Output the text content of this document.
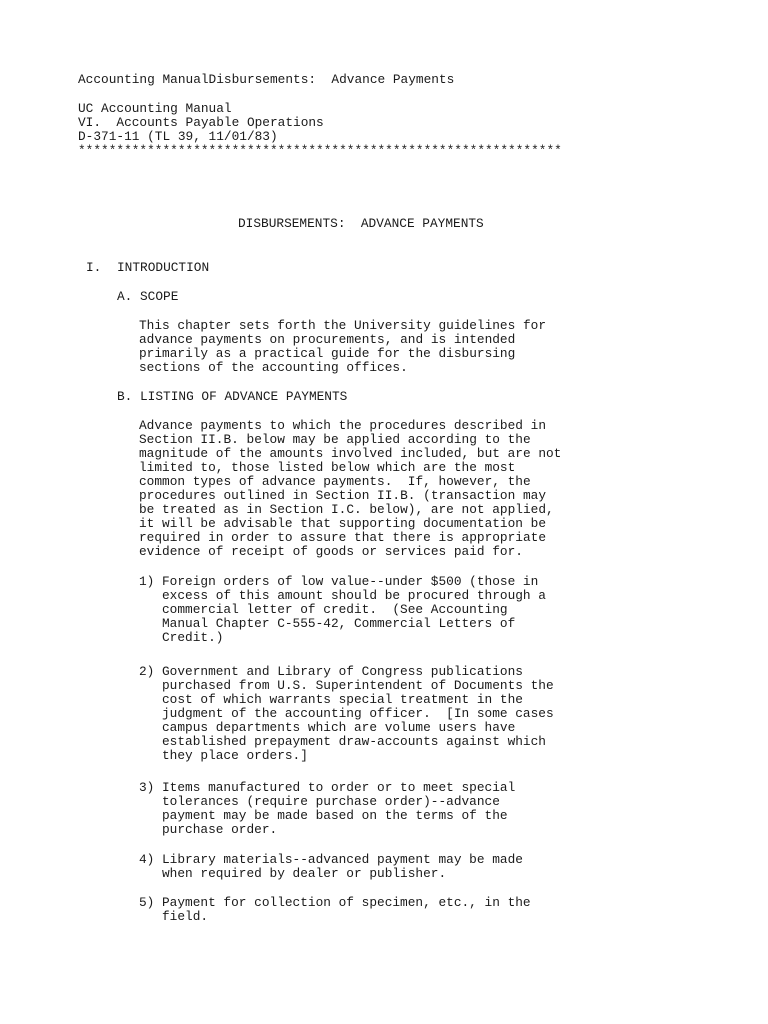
Accounting ManualDisbursements:  Advance Payments
UC Accounting Manual
VI.  Accounts Payable Operations
D-371-11 (TL 39, 11/01/83)
***************************************************************
DISBURSEMENTS:  ADVANCE PAYMENTS
I. INTRODUCTION
A. SCOPE
This chapter sets forth the University guidelines for
advance payments on procurements, and is intended
primarily as a practical guide for the disbursing
sections of the accounting offices.
B. LISTING OF ADVANCE PAYMENTS
Advance payments to which the procedures described in
Section II.B. below may be applied according to the
magnitude of the amounts involved included, but are not
limited to, those listed below which are the most
common types of advance payments.  If, however, the
procedures outlined in Section II.B. (transaction may
be treated as in Section I.C. below), are not applied,
it will be advisable that supporting documentation be
required in order to assure that there is appropriate
evidence of receipt of goods or services paid for.
1) Foreign orders of low value--under $500 (those in
excess of this amount should be procured through a
commercial letter of credit.  (See Accounting
Manual Chapter C-555-42, Commercial Letters of
Credit.)
2) Government and Library of Congress publications
purchased from U.S. Superintendent of Documents the
cost of which warrants special treatment in the
judgment of the accounting officer.  [In some cases
campus departments which are volume users have
established prepayment draw-accounts against which
they place orders.]
3) Items manufactured to order or to meet special
tolerances (require purchase order)--advance
payment may be made based on the terms of the
purchase order.
4) Library materials--advanced payment may be made
when required by dealer or publisher.
5) Payment for collection of specimen, etc., in the
field.
